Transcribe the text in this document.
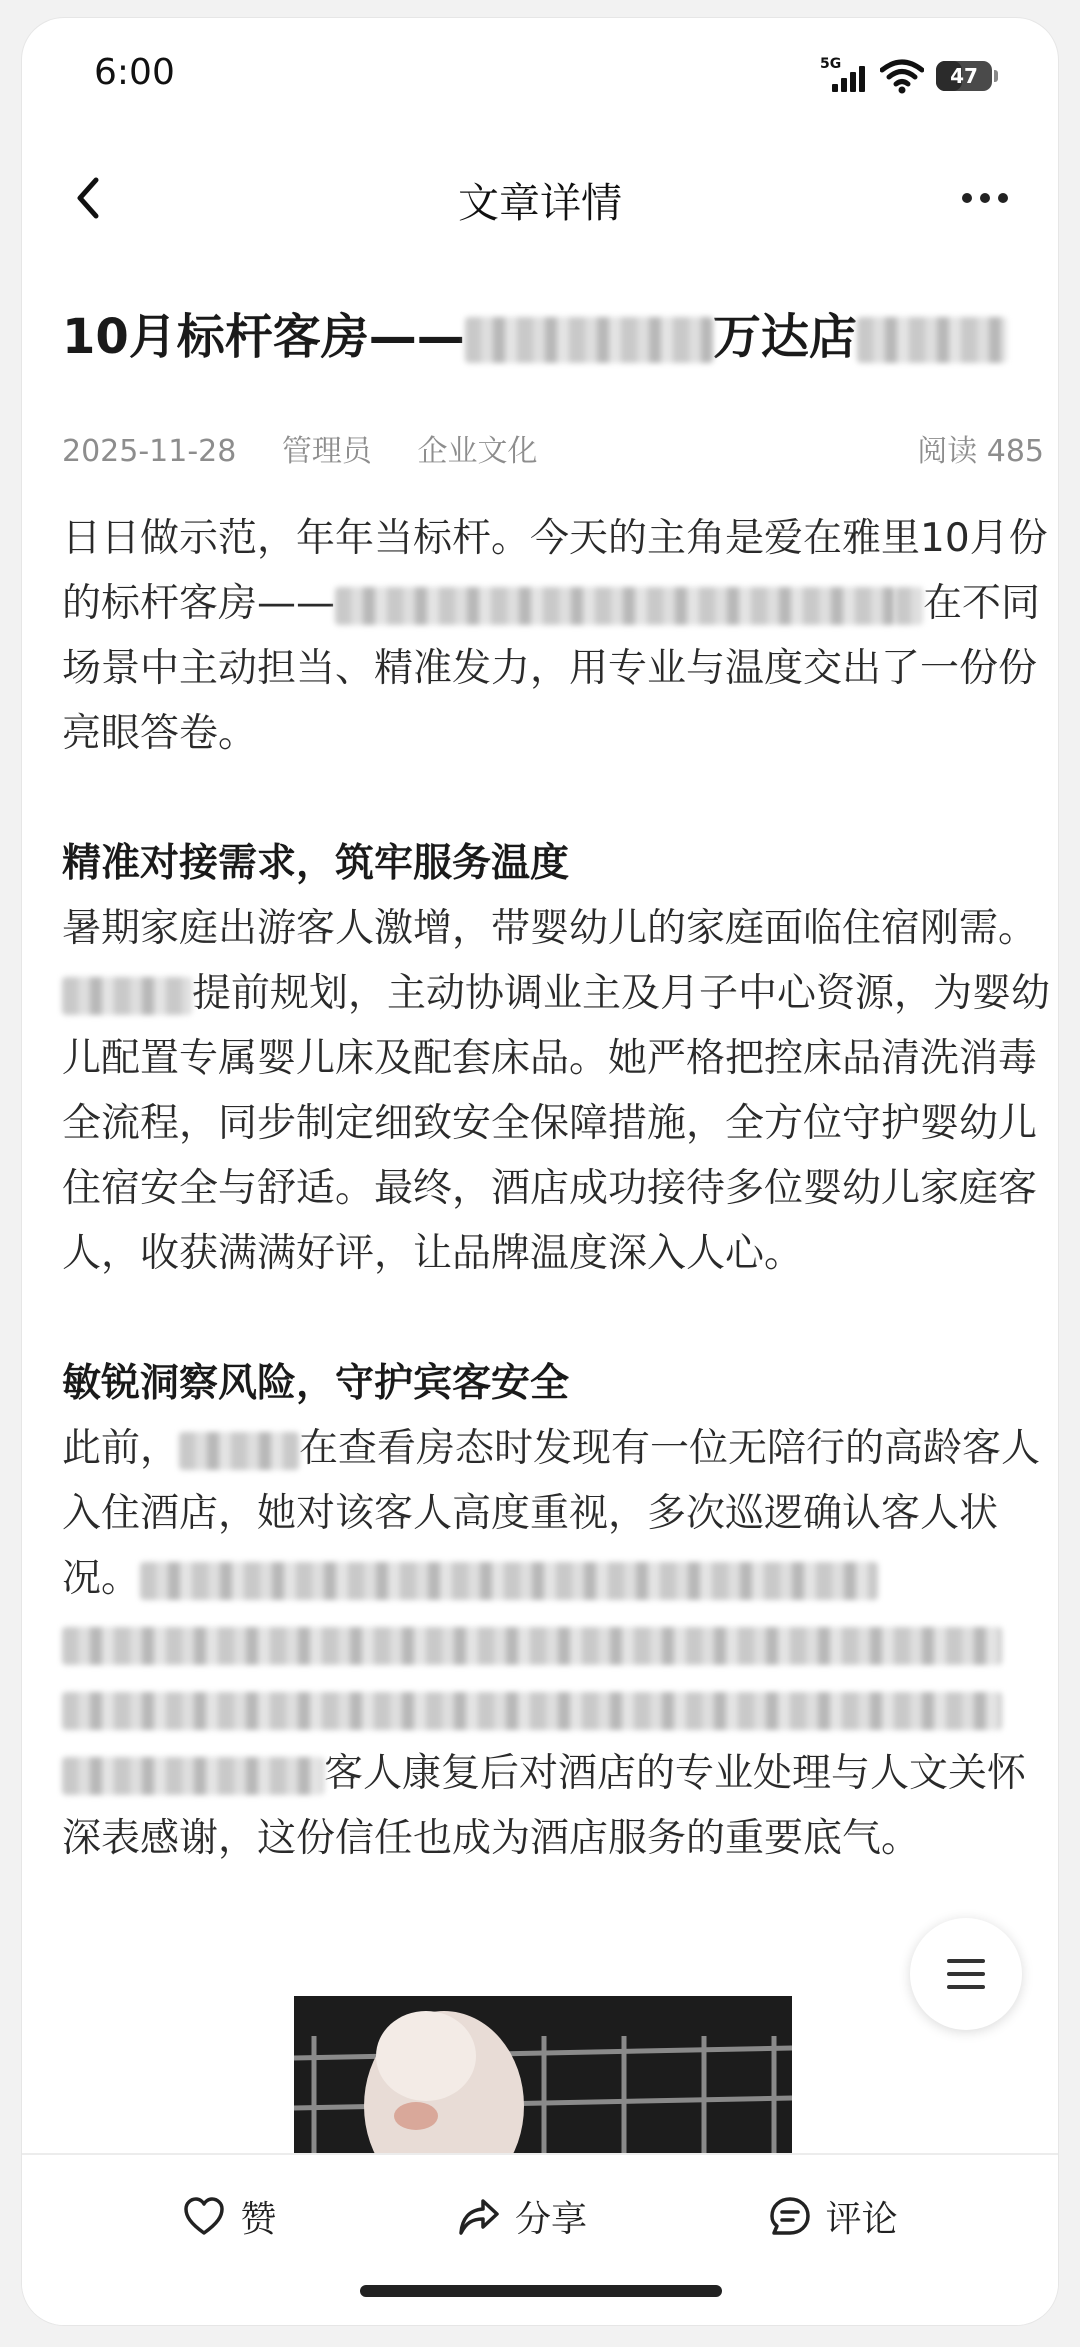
6:00	5G	47
文章详情
10月标杆客房——	万达店
2025-11-28 管理员 企业文化	阅读 485

日日做示范，年年当标杆。今天的主角是爱在雅里10月份的标杆客房——	在不同场景中主动担当、精准发力，用专业与温度交出了一份份亮眼答卷。

精准对接需求，筑牢服务温度

暑期家庭出游客人激增，带婴幼儿的家庭面临住宿刚需。提前规划，主动协调业主及月子中心资源，为婴幼儿配置专属婴儿床及配套床品。她严格把控床品清洗消毒全流程，同步制定细致安全保障措施，全方位守护婴幼儿住宿安全与舒适。最终，酒店成功接待多位婴幼儿家庭客人，收获满满好评，让品牌温度深入人心。

敏锐洞察风险，守护宾客安全

此前，	在查看房态时发现有一位无陪行的高龄客人入住酒店，她对该客人高度重视，多次巡逻确认客人状况。客人康复后对酒店的专业处理与人文关怀深表感谢，这份信任也成为酒店服务的重要底气。

赞	分享	评论
